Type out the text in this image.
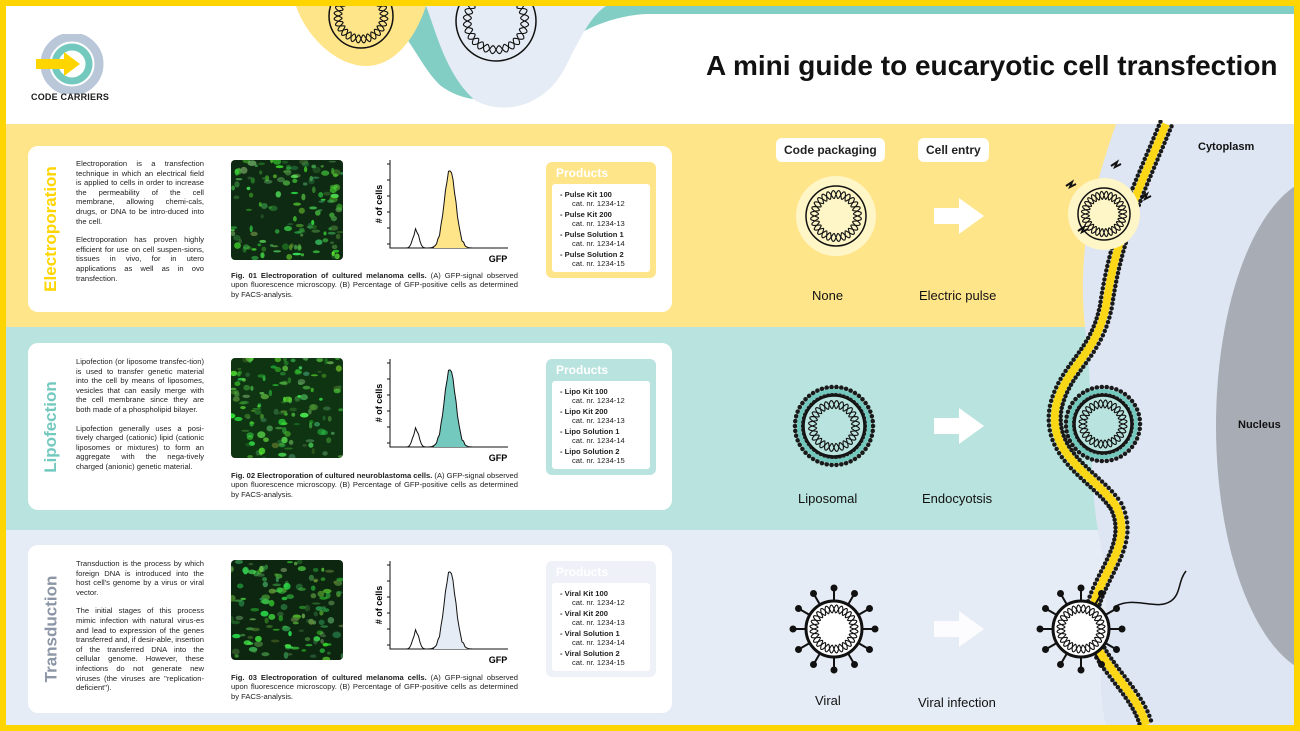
CODE CARRIERS
A mini guide to eucaryotic cell transfection
Electroporation

Electroporation is a transfection technique in which an electrical field is applied to cells in order to increase the permeability of the cell membrane, allowing chemi-cals, drugs, or DNA to be intro-duced into the cell.

Electroporation has proven highly efficient for use on cell suspen-sions, tissues in vivo, for in utero applications as well as in ovo transfection.

# of cells
GFP
Fig. 01 Electroporation of cultured melanoma cells. (A) GFP-signal observed upon fluorescence microscopy. (B) Percentage of GFP-positive cells as determined by FACS-analysis.
Products
- Pulse Kit 100
cat. nr. 1234-12
- Pulse Kit 200
cat. nr. 1234-13
- Pulse Solution 1
cat. nr. 1234-14
- Pulse Solution 2
cat. nr. 1234-15
Lipofection

Lipofection (or liposome transfec-tion) is used to transfer genetic material into the cell by means of liposomes, vesicles that can easily merge with the cell membrane since they are both made of a phospholipid bilayer.

Lipofection generally uses a posi-tively charged (cationic) lipid (cationic liposomes or mixtures) to form an aggregate with the nega-tively charged (anionic) genetic material.

# of cells
GFP
Fig. 02 Electroporation of cultured neuroblastoma cells. (A) GFP-signal observed upon fluorescence microscopy. (B) Percentage of GFP-positive cells as determined by FACS-analysis.
Products
- Lipo Kit 100
cat. nr. 1234-12
- Lipo Kit 200
cat. nr. 1234-13
- Lipo Solution 1
cat. nr. 1234-14
- Lipo Solution 2
cat. nr. 1234-15
Transduction

Transduction is the process by which foreign DNA is introduced into the host cell's genome by a virus or viral vector.

The initial stages of this process mimic infection with natural virus-es and lead to expression of the genes transferred and, if desir-able, insertion of the transferred DNA into the cellular genome. However, these infections do not generate new viruses (the viruses are "replication-deficient").

# of cells
GFP
Fig. 03 Electroporation of cultured melanoma cells. (A) GFP-signal observed upon fluorescence microscopy. (B) Percentage of GFP-positive cells as determined by FACS-analysis.
Products
- Viral Kit 100
cat. nr. 1234-12
- Viral Kit 200
cat. nr. 1234-13
- Viral Solution 1
cat. nr. 1234-14
- Viral Solution 2
cat. nr. 1234-15
Code packaging	Cell entry
None	Electric pulse
Liposomal	Endocyotsis
Viral	Viral infection
Cytoplasm
Nucleus
